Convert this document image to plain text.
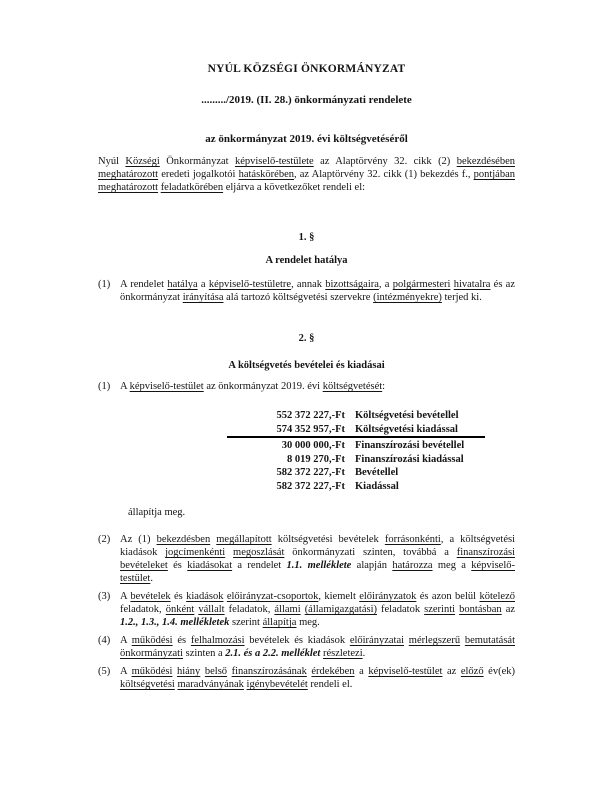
NYÚL KÖZSÉGI ÖNKORMÁNYZAT
........./2019. (II. 28.) önkormányzati rendelete
az önkormányzat 2019. évi költségvetéséről

Nyúl Községi Önkormányzat képviselő-testülete az Alaptörvény 32. cikk (2) bekezdésében meghatározott eredeti jogalkotói hatáskörében, az Alaptörvény 32. cikk (1) bekezdés f., pontjában meghatározott feladatkörében eljárva a következőket rendeli el:

1. §
A rendelet hatálya
(1) A rendelet hatálya a képviselő-testületre, annak bizottságaira, a polgármesteri hivatalra és az önkormányzat irányítása alá tartozó költségvetési szervekre (intézményekre) terjed ki.
2. §
A költségvetés bevételei és kiadásai
(1) A képviselő-testület az önkormányzat 2019. évi költségvetését:
552 372 227,-Ft Költségvetési bevétellel
574 352 957,-Ft Költségvetési kiadással
30 000 000,-Ft Finanszírozási bevétellel
8 019 270,-Ft Finanszírozási kiadással
582 372 227,-Ft Bevétellel
582 372 227,-Ft Kiadással
állapítja meg.
(2) Az (1) bekezdésben megállapított költségvetési bevételek forrásonkénti, a költségvetési kiadások jogcímenkénti megoszlását önkormányzati szinten, továbbá a finanszírozási bevételeket és kiadásokat a rendelet 1.1. melléklete alapján határozza meg a képviselő-testület.
(3) A bevételek és kiadások előirányzat-csoportok, kiemelt előirányzatok és azon belül kötelező feladatok, önként vállalt feladatok, állami (államigazgatási) feladatok szerinti bontásban az 1.2., 1.3., 1.4. mellékletek szerint állapítja meg.
(4) A működési és felhalmozási bevételek és kiadások előirányzatai mérlegszerű bemutatását önkormányzati szinten a 2.1. és a 2.2. melléklet részletezi.
(5) A működési hiány belső finanszírozásának érdekében a képviselő-testület az előző év(ek) költségvetési maradványának igénybevételét rendeli el.
